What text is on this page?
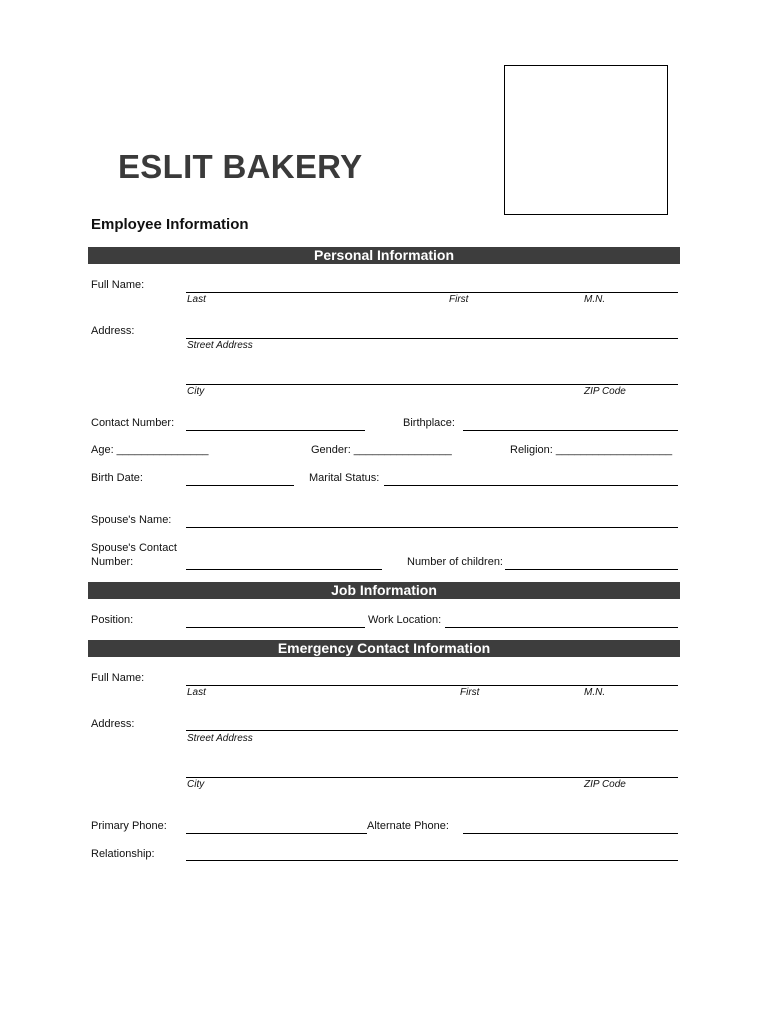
ESLIT BAKERY
Employee Information
Personal Information
Full Name:
Last	First	M.N.
Address:
Street Address
City	ZIP Code
Contact Number:	Birthplace:
Age: _______________	Gender: ________________	Religion: ___________________
Birth Date:	Marital Status:
Spouse's Name:
Spouse's Contact
Number:	Number of children:
Job Information
Position:	Work Location:
Emergency Contact Information
Full Name:
Last	First	M.N.
Address:
Street Address
City	ZIP Code
Primary Phone:	Alternate Phone:
Relationship:
